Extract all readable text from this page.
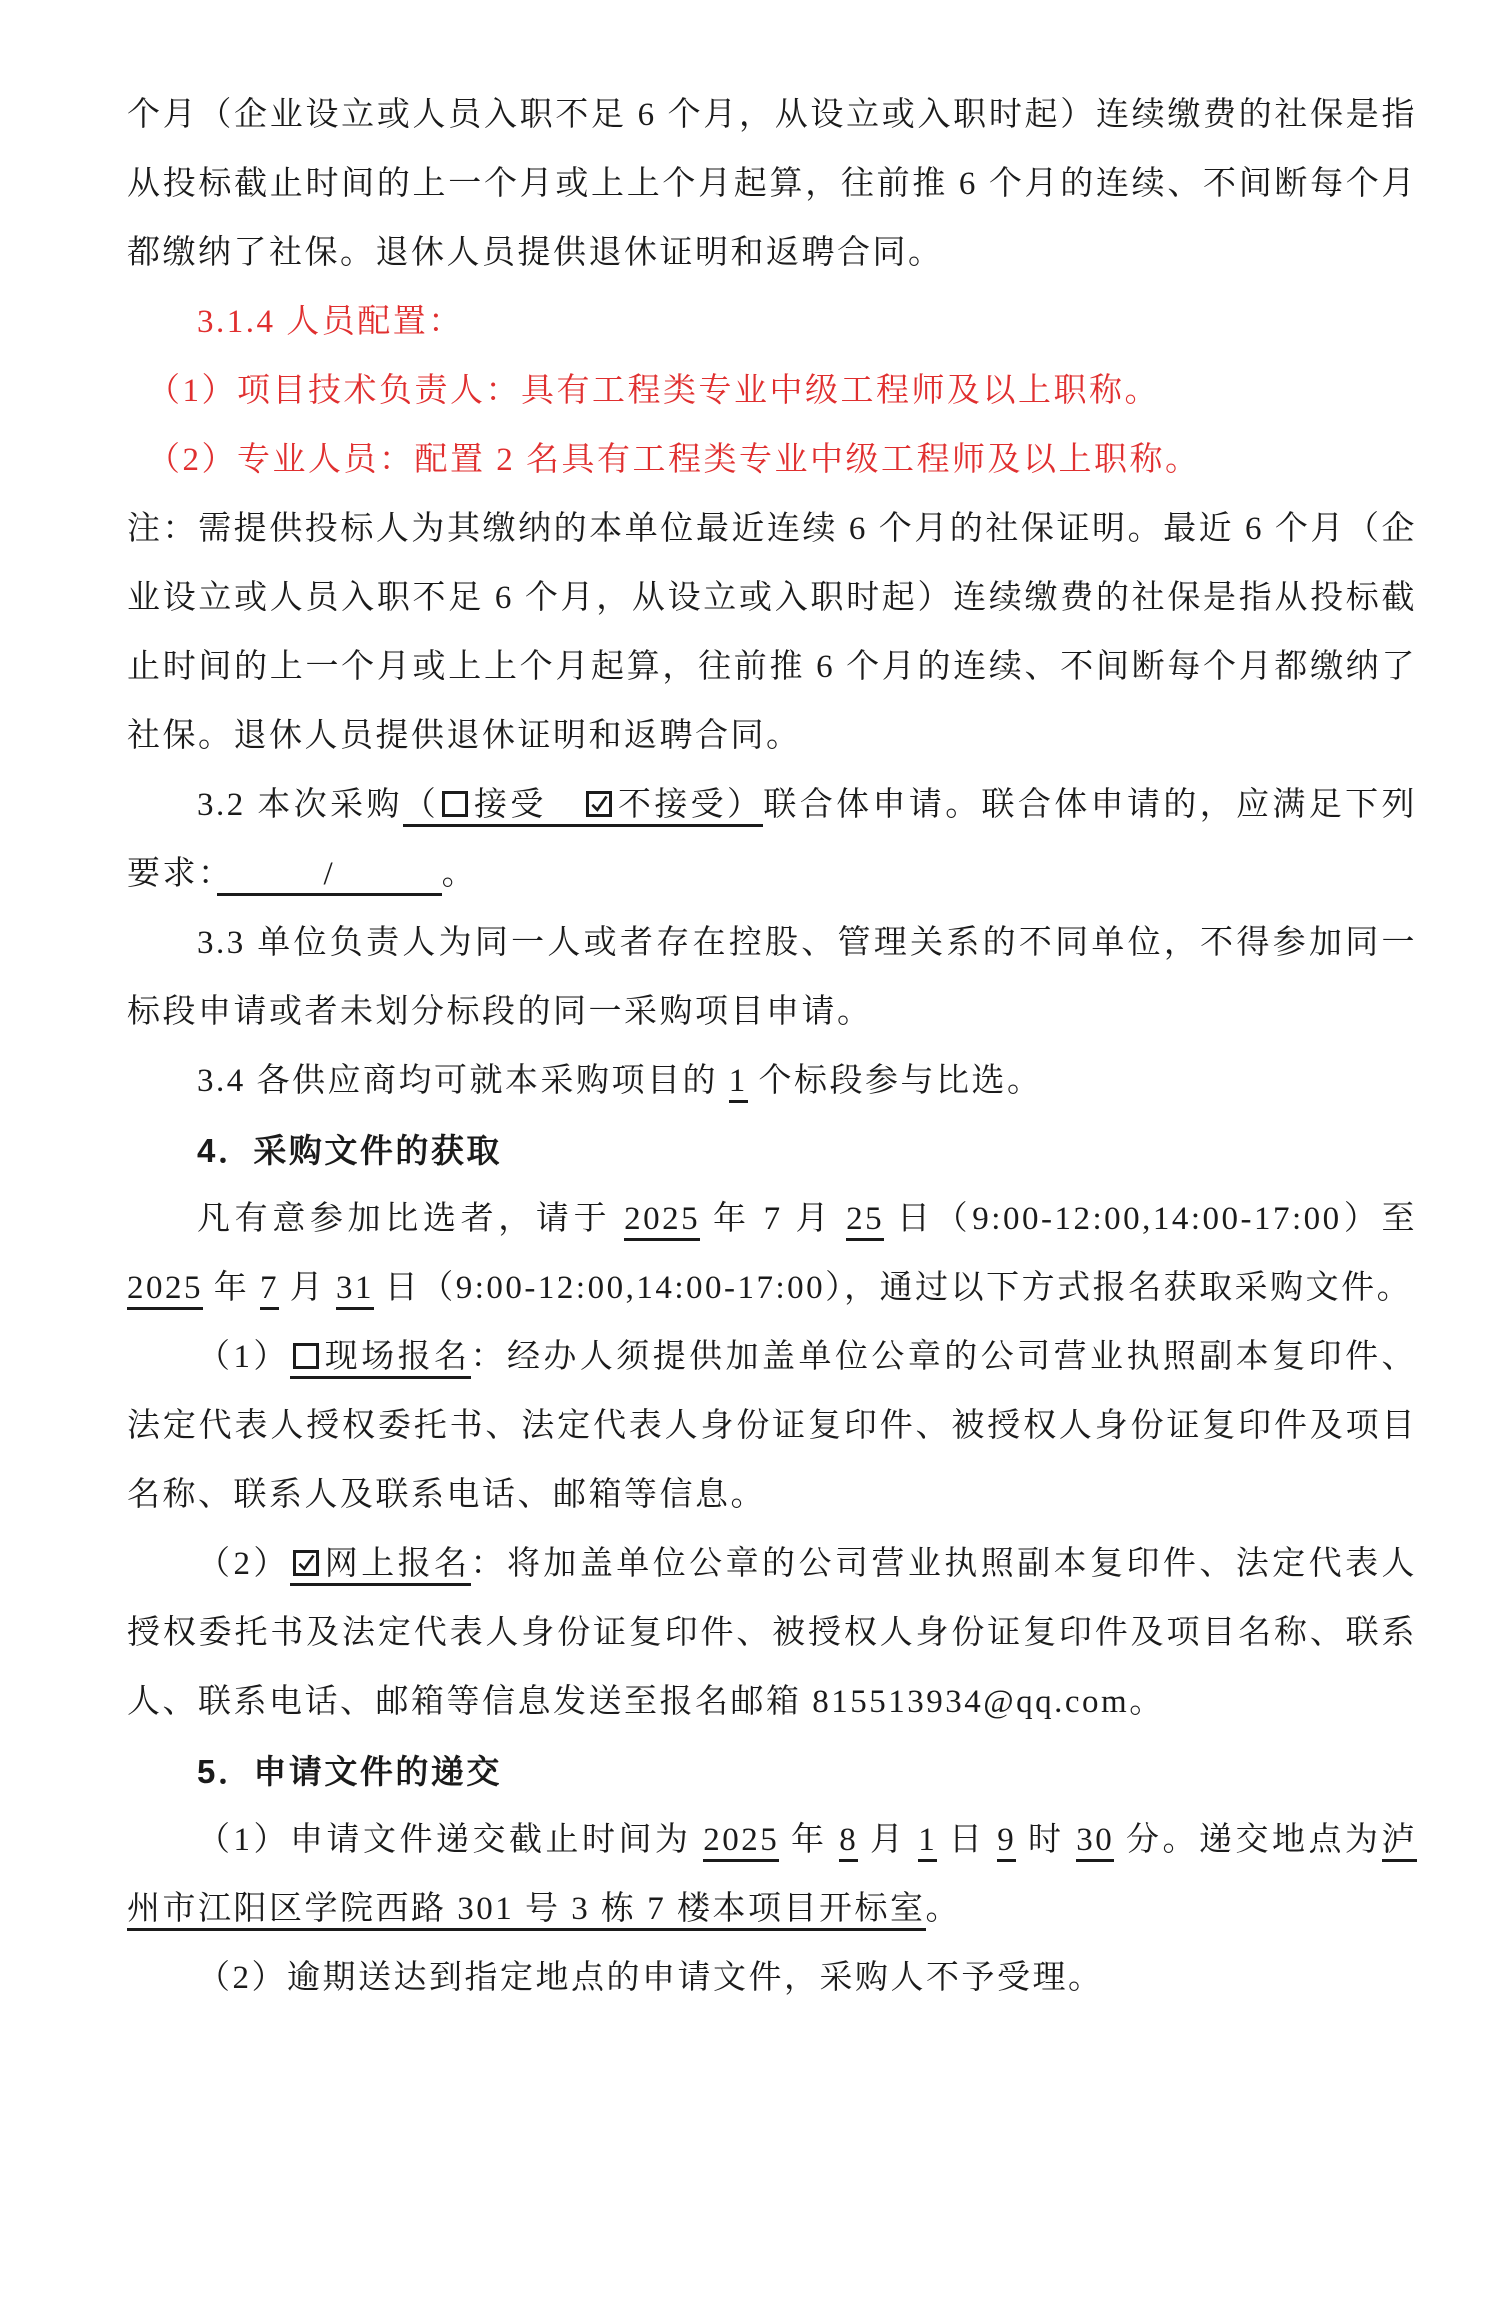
个月（企业设立或人员入职不足 6 个月，从设立或入职时起）连续缴费的社保是指从投标截止时间的上一个月或上上个月起算，往前推 6 个月的连续、不间断每个月都缴纳了社保。退休人员提供退休证明和返聘合同。

3.1.4 人员配置：

（1）项目技术负责人：具有工程类专业中级工程师及以上职称。

（2）专业人员：配置 2 名具有工程类专业中级工程师及以上职称。

注：需提供投标人为其缴纳的本单位最近连续 6 个月的社保证明。最近 6 个月（企业设立或人员入职不足 6 个月，从设立或入职时起）连续缴费的社保是指从投标截止时间的上一个月或上上个月起算，往前推 6 个月的连续、不间断每个月都缴纳了社保。退休人员提供退休证明和返聘合同。

3.2 本次采购（ 接受　 不接受）联合体申请。联合体申请的，应满足下列要求：　　　	/　　　	。

3.3 单位负责人为同一人或者存在控股、管理关系的不同单位，不得参加同一标段申请或者未划分标段的同一采购项目申请。

3.4 各供应商均可就本采购项目的 1 个标段参与比选。

4．采购文件的获取

凡有意参加比选者，请于 2025 年 7 月 25 日（9:00-12:00,14:00-17:00）至 2025 年 7 月 31 日（9:00-12:00,14:00-17:00），通过以下方式报名获取采购文件。

（1） 现场报名：经办人须提供加盖单位公章的公司营业执照副本复印件、法定代表人授权委托书、法定代表人身份证复印件、被授权人身份证复印件及项目名称、联系人及联系电话、邮箱等信息。

（2） 网上报名：将加盖单位公章的公司营业执照副本复印件、法定代表人授权委托书及法定代表人身份证复印件、被授权人身份证复印件及项目名称、联系人、联系电话、邮箱等信息发送至报名邮箱 815513934@qq.com。

5．申请文件的递交

（1）申请文件递交截止时间为 2025 年 8 月 1 日 9 时 30 分。递交地点为泸州市江阳区学院西路 301 号 3 栋 7 楼本项目开标室。

（2）逾期送达到指定地点的申请文件，采购人不予受理。
